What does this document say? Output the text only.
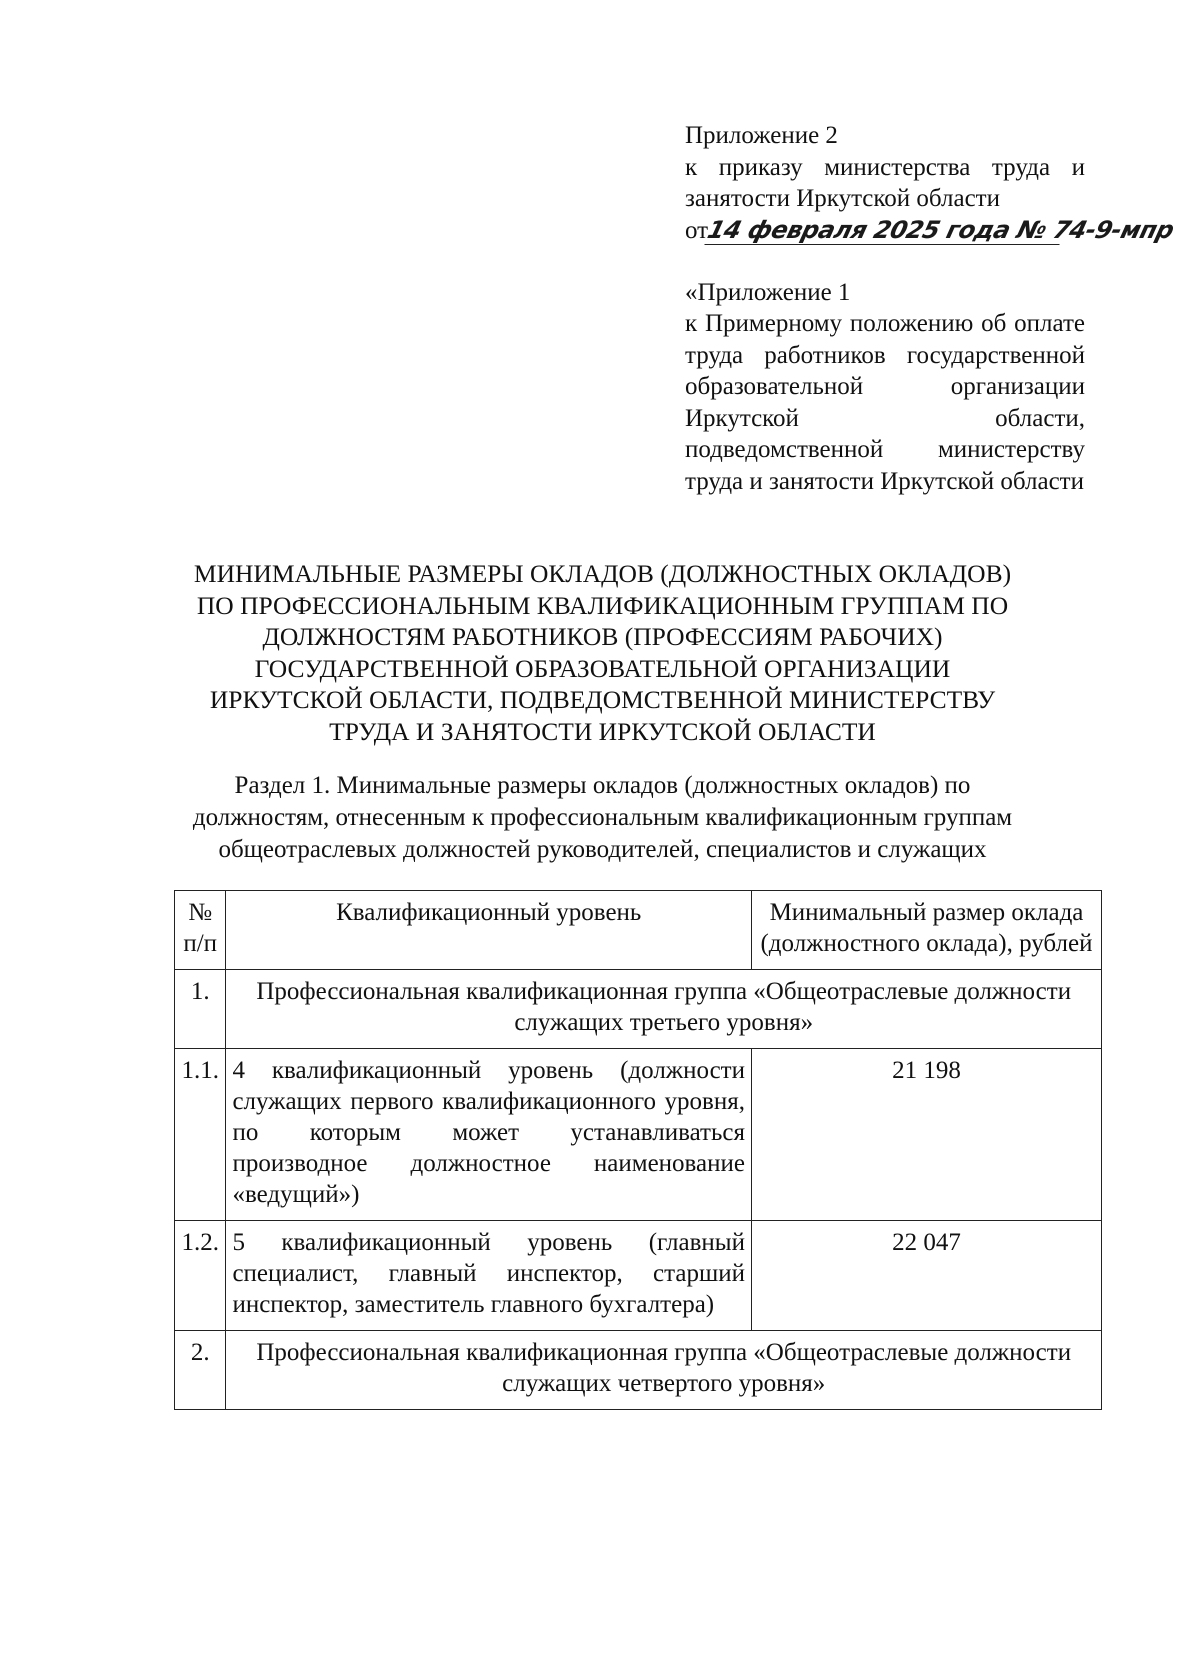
Приложение 2
к приказу министерства труда и
занятости Иркутской области
от14 февраля 2025 года № 74-9-мпр
«Приложение 1
к Примерному положению об оплате труда работников государственной образовательной организации Иркутской области, подведомственной министерству труда и занятости Иркутской области
МИНИМАЛЬНЫЕ РАЗМЕРЫ ОКЛАДОВ (ДОЛЖНОСТНЫХ ОКЛАДОВ)
ПО ПРОФЕССИОНАЛЬНЫМ КВАЛИФИКАЦИОННЫМ ГРУППАМ ПО
ДОЛЖНОСТЯМ РАБОТНИКОВ (ПРОФЕССИЯМ РАБОЧИХ)
ГОСУДАРСТВЕННОЙ ОБРАЗОВАТЕЛЬНОЙ ОРГАНИЗАЦИИ
ИРКУТСКОЙ ОБЛАСТИ, ПОДВЕДОМСТВЕННОЙ МИНИСТЕРСТВУ
ТРУДА И ЗАНЯТОСТИ ИРКУТСКОЙ ОБЛАСТИ
Раздел 1. Минимальные размеры окладов (должностных окладов) по
должностям, отнесенным к профессиональным квалификационным группам
общеотраслевых должностей руководителей, специалистов и служащих
№ п/п	Квалификационный уровень	Минимальный размер оклада (должностного оклада), рублей
1.	Профессиональная квалификационная группа «Общеотраслевые должности служащих третьего уровня»	
1.1.	4 квалификационный уровень (должности служащих первого квалификационного уровня, по которым может устанавливаться производное должностное наименование «ведущий»)	21 198
1.2.	5 квалификационный уровень (главный специалист, главный инспектор, старший инспектор, заместитель главного бухгалтера)	22 047
2.	Профессиональная квалификационная группа «Общеотраслевые должности служащих четвертого уровня»	
